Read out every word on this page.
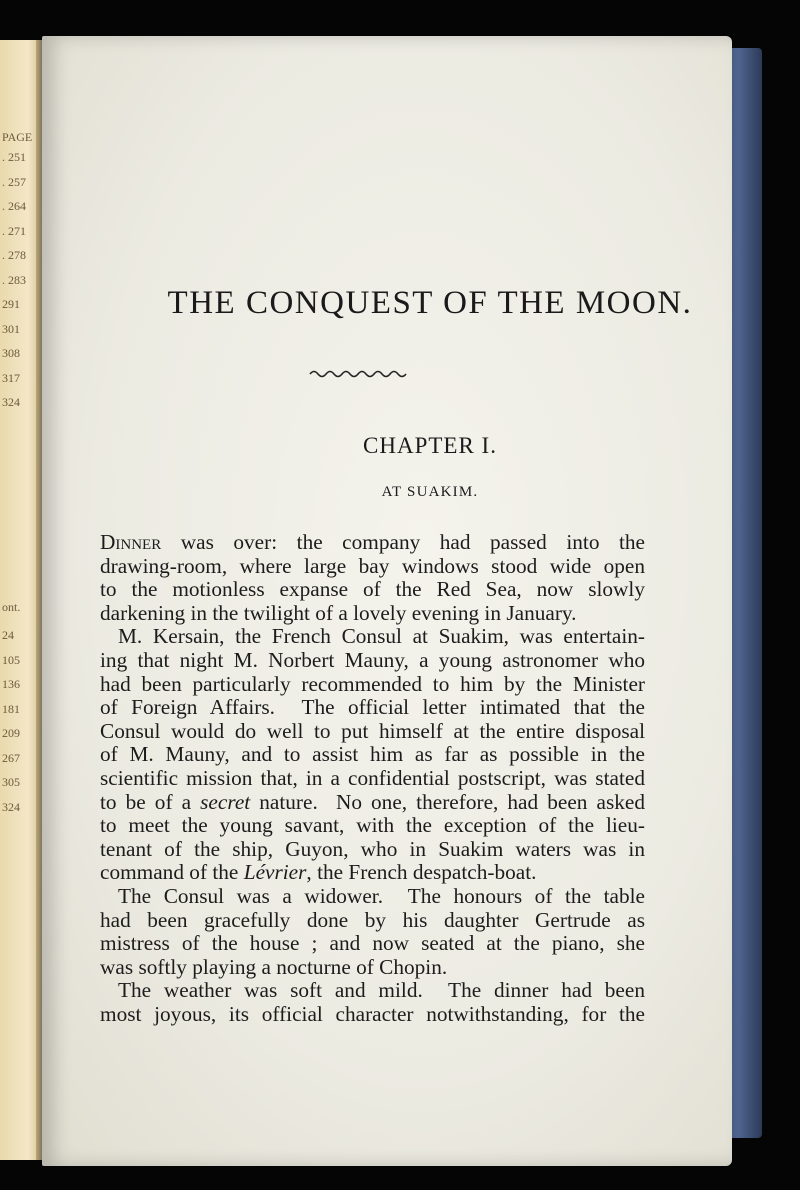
PAGE
. 251
. 257
. 264
. 271
. 278
. 283
291
301
308
317
324
ont.
24
105
136
181
209
267
305
324
THE CONQUEST OF THE MOON.
CHAPTER I.
AT SUAKIM.
Dinner was over: the company had passed into the
drawing-room, where large bay windows stood wide open
to the motionless expanse of the Red Sea, now slowly
darkening in the twilight of a lovely evening in January.
M. Kersain, the French Consul at Suakim, was entertain-
ing that night M. Norbert Mauny, a young astronomer who
had been particularly recommended to him by the Minister
of Foreign Affairs.  The official letter intimated that the
Consul would do well to put himself at the entire disposal
of M. Mauny, and to assist him as far as possible in the
scientific mission that, in a confidential postscript, was stated
to be of a secret nature.  No one, therefore, had been asked
to meet the young savant, with the exception of the lieu-
tenant of the ship, Guyon, who in Suakim waters was in
command of the Lévrier, the French despatch-boat.
The Consul was a widower.  The honours of the table
had been gracefully done by his daughter Gertrude as
mistress of the house ; and now seated at the piano, she
was softly playing a nocturne of Chopin.
The weather was soft and mild.  The dinner had been
most joyous, its official character notwithstanding, for the
